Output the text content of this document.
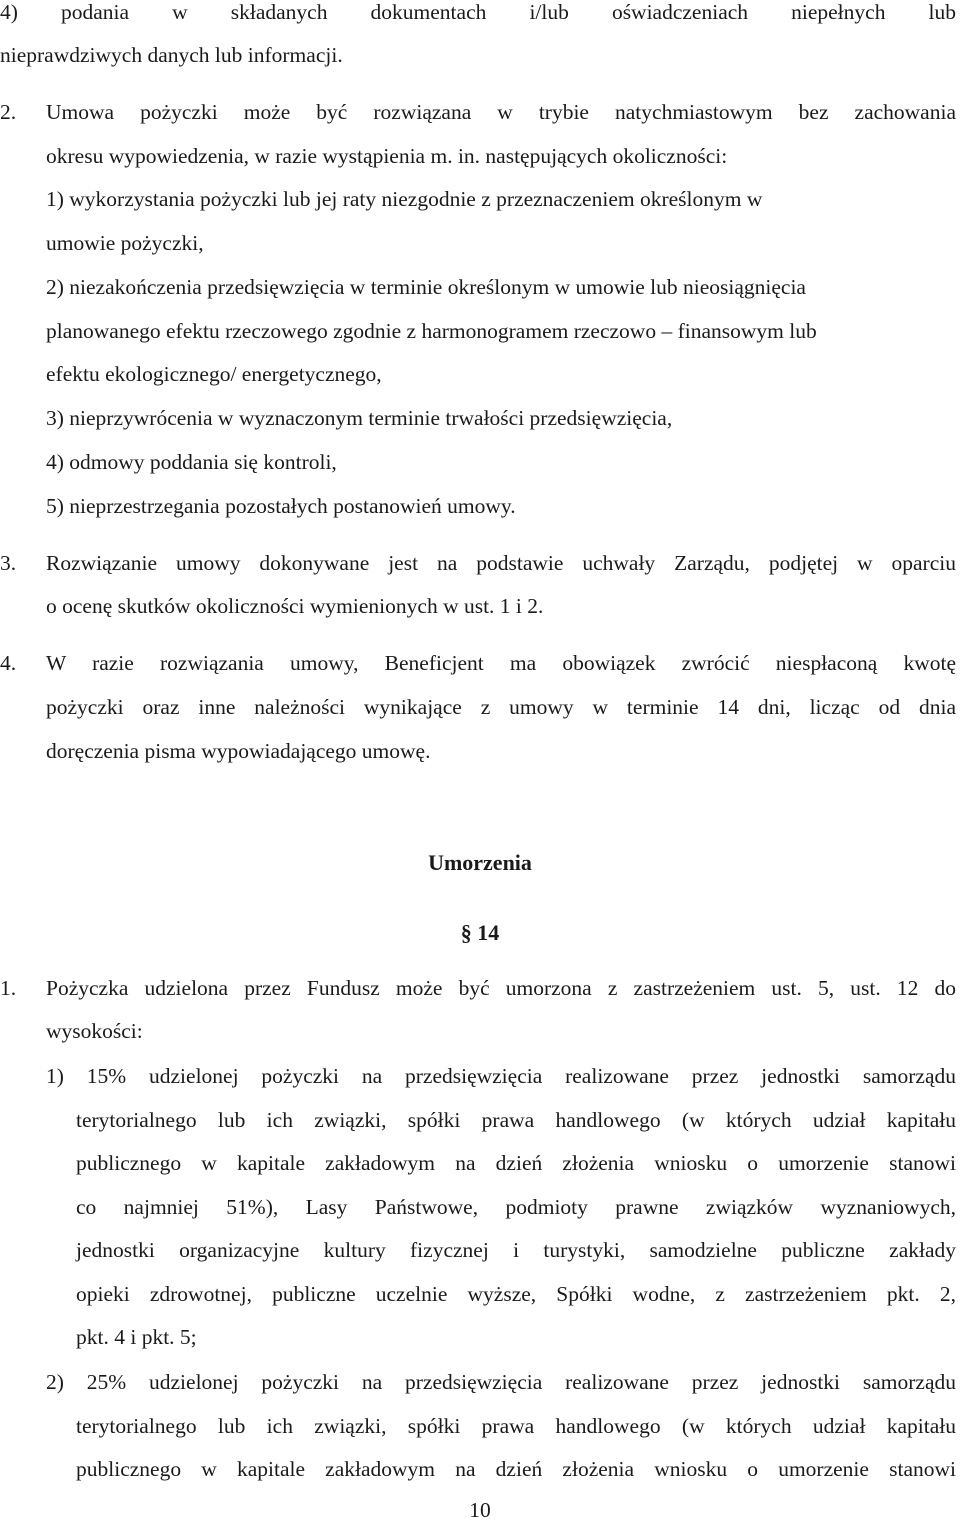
Umorzenia
§ 14
10
4) podania w składanych dokumentach i/lub oświadczeniach niepełnych lub
nieprawdziwych danych lub informacji.
2.	Umowa pożyczki może być rozwiązana w trybie natychmiastowym bez zachowania
okresu wypowiedzenia, w razie wystąpienia m. in. następujących okoliczności:
1) wykorzystania pożyczki lub jej raty niezgodnie z przeznaczeniem określonym w
umowie pożyczki,
2) niezakończenia przedsięwzięcia w terminie określonym w umowie lub nieosiągnięcia
planowanego efektu rzeczowego zgodnie z harmonogramem rzeczowo – finansowym lub
efektu ekologicznego/ energetycznego,
3) nieprzywrócenia w wyznaczonym terminie trwałości przedsięwzięcia,
4) odmowy poddania się kontroli,
5) nieprzestrzegania pozostałych postanowień umowy.
3.	Rozwiązanie umowy dokonywane jest na podstawie uchwały Zarządu, podjętej w oparciu
o ocenę skutków okoliczności wymienionych w ust. 1 i 2.
4.	W razie rozwiązania umowy, Beneficjent ma obowiązek zwrócić niespłaconą kwotę
pożyczki oraz inne należności wynikające z umowy w terminie 14 dni, licząc od dnia
doręczenia pisma wypowiadającego umowę.
1.	Pożyczka udzielona przez Fundusz może być umorzona z zastrzeżeniem ust. 5, ust. 12 do
wysokości:
1) 15% udzielonej pożyczki na przedsięwzięcia realizowane przez jednostki samorządu
terytorialnego lub ich związki, spółki prawa handlowego (w których udział kapitału
publicznego w kapitale zakładowym na dzień złożenia wniosku o umorzenie stanowi
co najmniej 51%), Lasy Państwowe, podmioty prawne związków wyznaniowych,
jednostki organizacyjne kultury fizycznej i turystyki, samodzielne publiczne zakłady
opieki zdrowotnej, publiczne uczelnie wyższe, Spółki wodne, z zastrzeżeniem pkt. 2,
pkt. 4 i pkt. 5;
2) 25% udzielonej pożyczki na przedsięwzięcia realizowane przez jednostki samorządu
terytorialnego lub ich związki, spółki prawa handlowego (w których udział kapitału
publicznego w kapitale zakładowym na dzień złożenia wniosku o umorzenie stanowi
